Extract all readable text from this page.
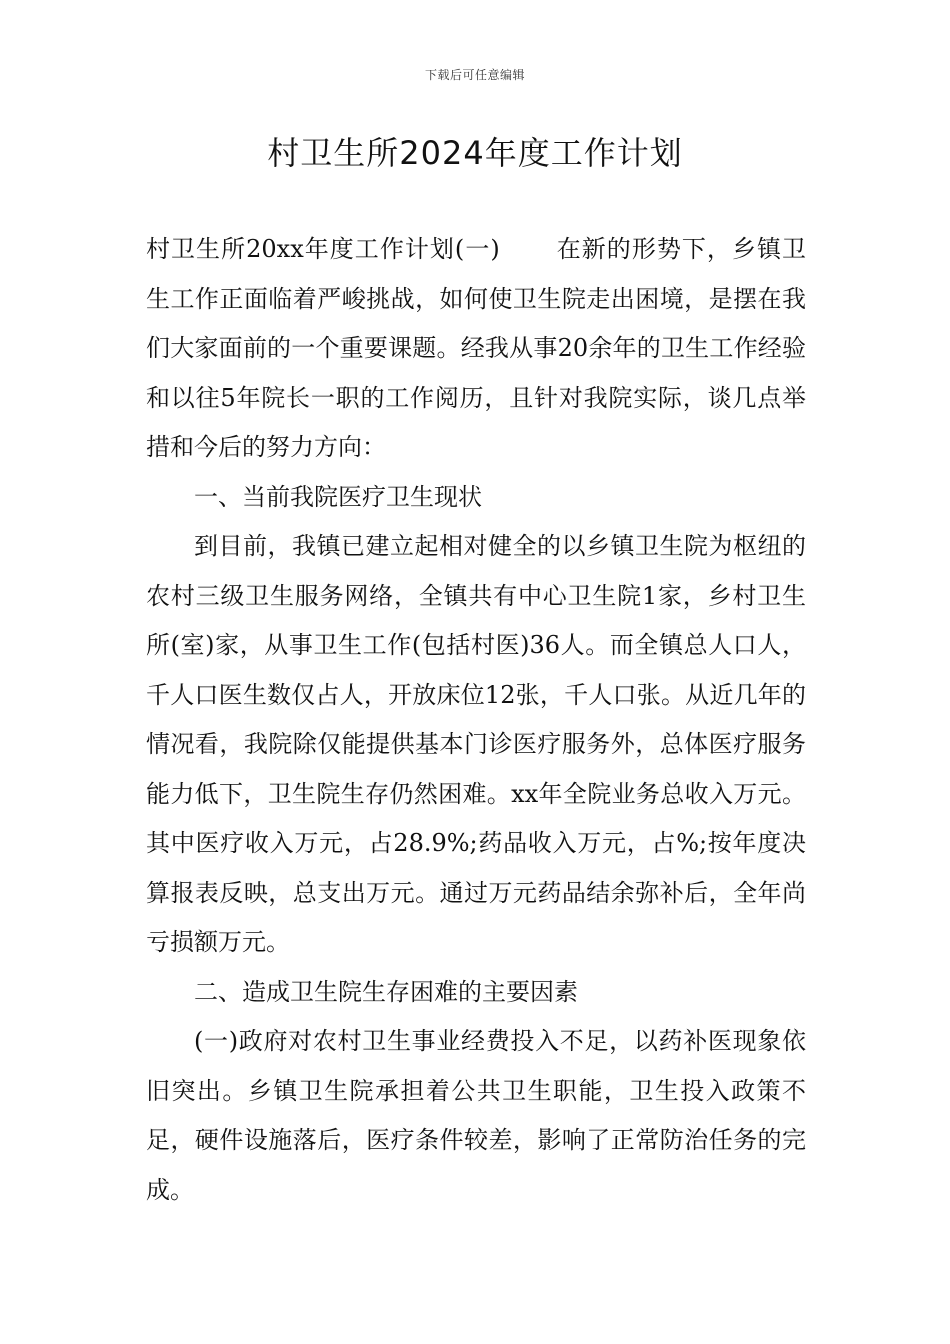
下载后可任意编辑
村卫生所2024年度工作计划

村卫生所20xx年度工作计划(一) 在新的形势下，乡镇卫生工作正面临着严峻挑战，如何使卫生院走出困境，是摆在我们大家面前的一个重要课题。经我从事20余年的卫生工作经验和以往5年院长一职的工作阅历，且针对我院实际，谈几点举措和今后的努力方向：

一、当前我院医疗卫生现状

到目前，我镇已建立起相对健全的以乡镇卫生院为枢纽的农村三级卫生服务网络，全镇共有中心卫生院1家，乡村卫生所(室)家，从事卫生工作(包括村医)36人。而全镇总人口人，千人口医生数仅占人，开放床位12张，千人口张。从近几年的情况看，我院除仅能提供基本门诊医疗服务外，总体医疗服务能力低下，卫生院生存仍然困难。xx年全院业务总收入万元。其中医疗收入万元，占28.9%;药品收入万元，占%;按年度决算报表反映，总支出万元。通过万元药品结余弥补后，全年尚亏损额万元。

二、造成卫生院生存困难的主要因素

(一)政府对农村卫生事业经费投入不足，以药补医现象依旧突出。乡镇卫生院承担着公共卫生职能，卫生投入政策不足，硬件设施落后，医疗条件较差，影响了正常防治任务的完成。
